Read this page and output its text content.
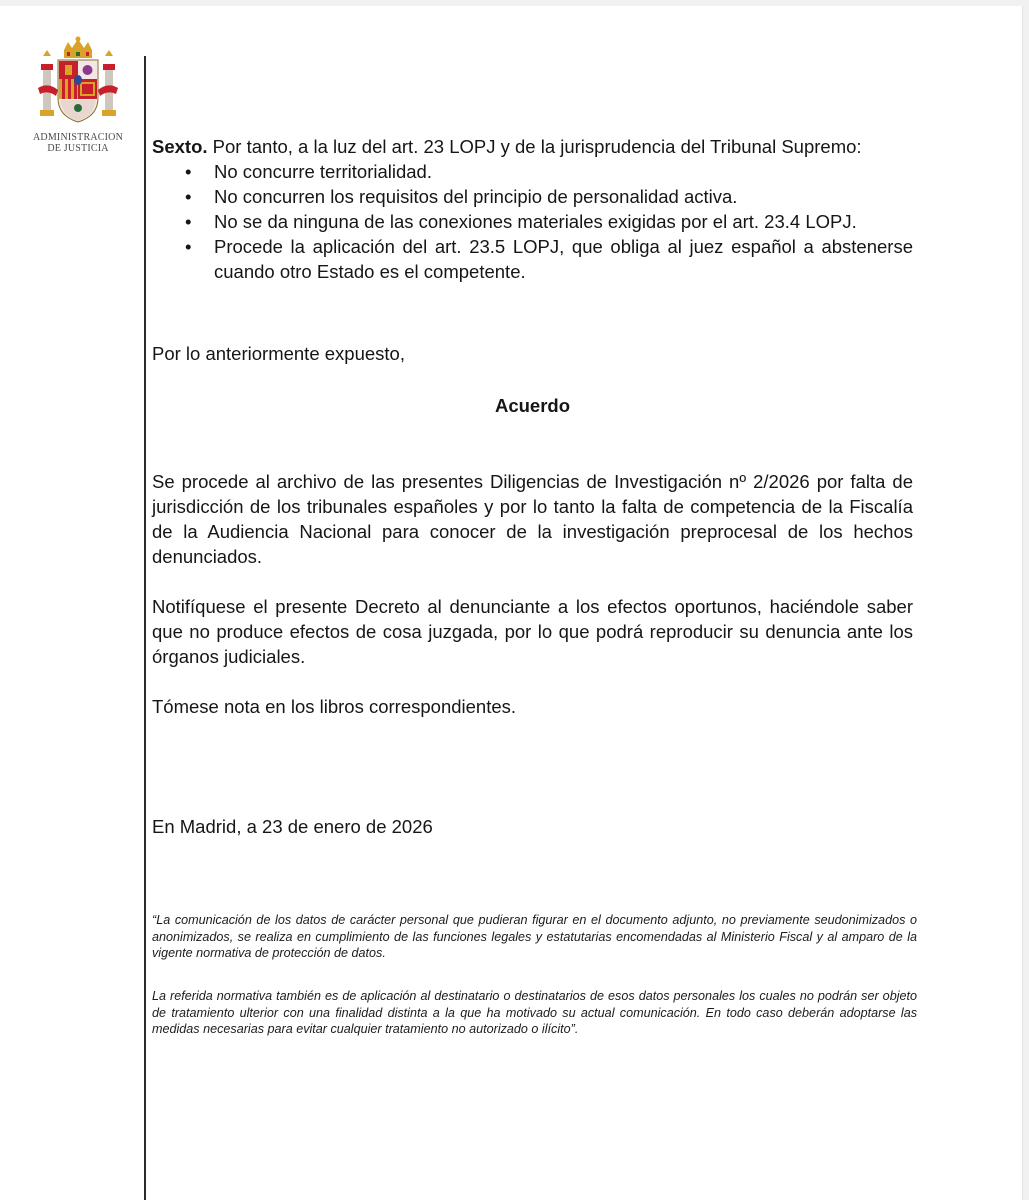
ADMINISTRACION
DE JUSTICIA	Sexto. Por tanto, a la luz del art. 23 LOPJ y de la jurisprudencia del Tribunal Supremo:

• No concurre territorialidad.
• No concurren los requisitos del principio de personalidad activa.
• No se da ninguna de las conexiones materiales exigidas por el art. 23.4 LOPJ.
• Procede la aplicación del art. 23.5 LOPJ, que obliga al juez español a abstenerse cuando otro Estado es el competente.

Por lo anteriormente expuesto,

Acuerdo

Se procede al archivo de las presentes Diligencias de Investigación nº 2/2026 por falta de jurisdicción de los tribunales españoles y por lo tanto la falta de competencia de la Fiscalía de la Audiencia Nacional para conocer de la investigación preprocesal de los hechos denunciados.

Notifíquese el presente Decreto al denunciante a los efectos oportunos, haciéndole saber que no produce efectos de cosa juzgada, por lo que podrá reproducir su denuncia ante los órganos judiciales.

Tómese nota en los libros correspondientes.

En Madrid, a 23 de enero de 2026

“La comunicación de los datos de carácter personal que pudieran figurar en el documento adjunto, no previamente seudonimizados o anonimizados, se realiza en cumplimiento de las funciones legales y estatutarias encomendadas al Ministerio Fiscal y al amparo de la vigente normativa de protección de datos.

La referida normativa también es de aplicación al destinatario o destinatarios de esos datos personales los cuales no podrán ser objeto de tratamiento ulterior con una finalidad distinta a la que ha motivado su actual comunicación. En todo caso deberán adoptarse las medidas necesarias para evitar cualquier tratamiento no autorizado o ilícito”.
